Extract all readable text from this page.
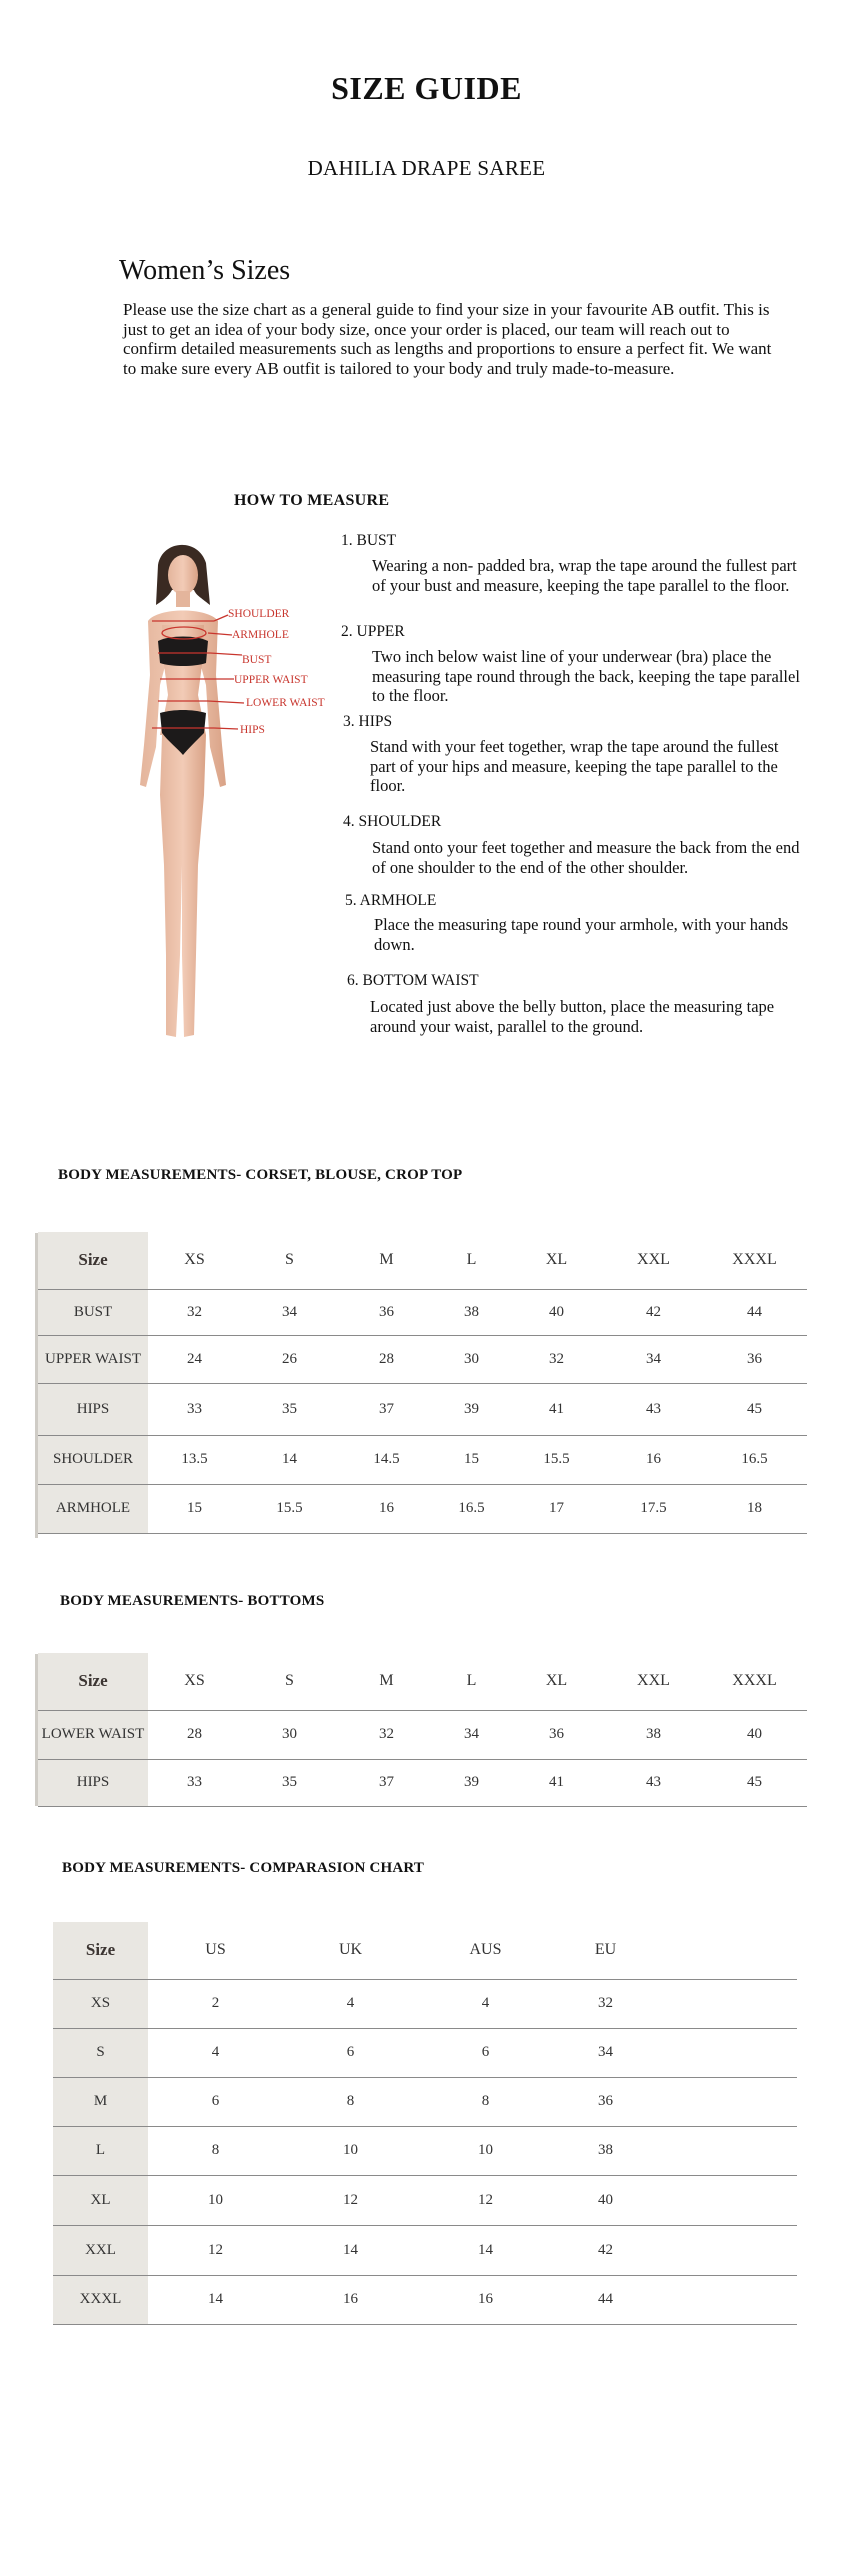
SIZE GUIDE
DAHILIA DRAPE SAREE
Women’s Sizes
Please use the size chart as a general guide to find your size in your favourite AB outfit. This is just to get an idea of your body size, once your order is placed, our team will reach out to confirm detailed measurements such as lengths and proportions to ensure a perfect fit. We want to make sure every AB outfit is tailored to your body and truly made-to-measure.
HOW TO MEASURE
SHOULDER
ARMHOLE
BUST
UPPER WAIST
LOWER WAIST
HIPS
1. BUST
Wearing a non- padded bra, wrap the tape around the fullest part of your bust and measure, keeping the tape parallel to the floor.
2. UPPER
Two inch below waist line of your underwear (bra) place the measuring tape round through the back, keeping the tape parallel to the floor.
3. HIPS
Stand with your feet together, wrap the tape around the fullest part of your hips and measure, keeping the tape parallel to the floor.
4. SHOULDER
Stand onto your feet together and measure the back from the end of one shoulder to the end of the other shoulder.
5. ARMHOLE
Place the measuring tape round your armhole, with your hands down.
6. BOTTOM WAIST
Located just above the belly button, place the measuring tape around your waist, parallel to the ground.
BODY MEASUREMENTS- CORSET, BLOUSE, CROP TOP
Size	XS	S	M	L	XL	XXL	XXXL
BUST	32	34	36	38	40	42	44
UPPER WAIST	24	26	28	30	32	34	36
HIPS	33	35	37	39	41	43	45
SHOULDER	13.5	14	14.5	15	15.5	16	16.5
ARMHOLE	15	15.5	16	16.5	17	17.5	18
BODY MEASUREMENTS- BOTTOMS
Size	XS	S	M	L	XL	XXL	XXXL
LOWER WAIST	28	30	32	34	36	38	40
HIPS	33	35	37	39	41	43	45
BODY MEASUREMENTS- COMPARASION CHART
Size	US	UK	AUS	EU	
XS	2	4	4	32	
S	4	6	6	34	
M	6	8	8	36	
L	8	10	10	38	
XL	10	12	12	40	
XXL	12	14	14	42	
XXXL	14	16	16	44	
